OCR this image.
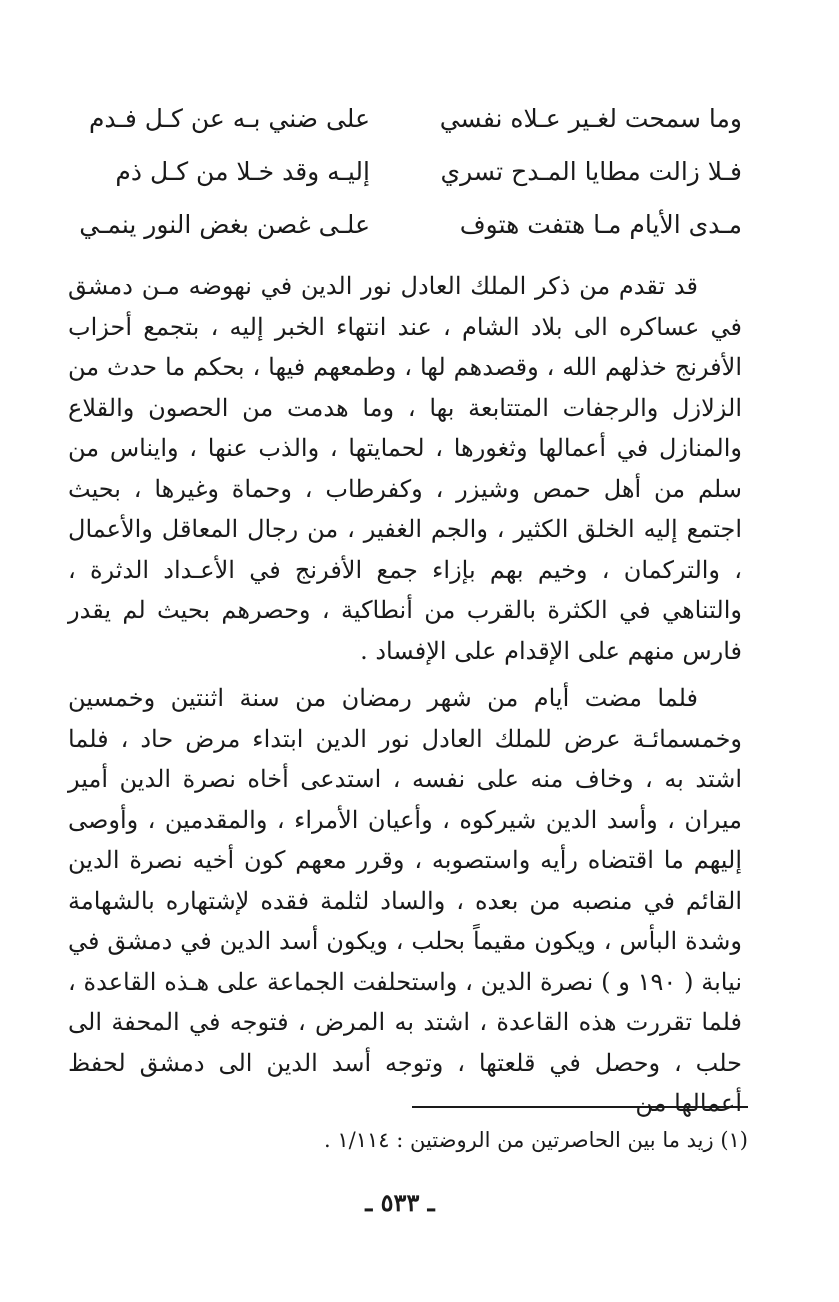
وما سمحت لغـير عـلاه نفسي
على ضني بـه عن كـل فـدم
فـلا زالت مطايا المـدح تسري
إليـه وقد خـلا من كـل ذم
مـدى الأيام مـا هتفت هتوف
علـى غصن بغض النور ينمـي

قد تقدم من ذكر الملك العادل نور الدين في نهوضه مـن دمشق في عساكره الى بلاد الشام ، عند انتهاء الخبر إليه ، بتجمع أحزاب الأفرنج خذلهم الله ، وقصدهم لها ، وطمعهم فيها ، بحكم ما حدث من الزلازل والرجفات المتتابعة بها ، وما هدمت من الحصون والقلاع والمنازل في أعمالها وثغورها ، لحمايتها ، والذب عنها ، وايناس من سلم من أهل حمص وشيزر ، وكفرطاب ، وحماة وغيرها ، بحيث اجتمع إليه الخلق الكثير ، والجم الغفير ، من رجال المعاقل والأعمال ، والتركمان ، وخيم بهم بإزاء جمع الأفرنج في الأعـداد الدثرة ، والتناهي في الكثرة بالقرب من أنطاكية ، وحصرهم بحيث لم يقدر فارس منهم على الإقدام على الإفساد .

فلما مضت أيام من شهر رمضان من سنة اثنتين وخمسين وخمسمائـة عرض للملك العادل نور الدين ابتداء مرض حاد ، فلما اشتد به ، وخاف منه على نفسه ، استدعى أخاه نصرة الدين أمير ميران ، وأسد الدين شيركوه ، وأعيان الأمراء ، والمقدمين ، وأوصى إليهم ما اقتضاه رأيه واستصوبه ، وقرر معهم كون أخيه نصرة الدين القائم في منصبه من بعده ، والساد لثلمة فقده لإشتهاره بالشهامة وشدة البأس ، ويكون مقيماً بحلب ، ويكون أسد الدين في دمشق في نيابة ( ١٩٠ و ) نصرة الدين ، واستحلفت الجماعة على هـذه القاعدة ، فلما تقررت هذه القاعدة ، اشتد به المرض ، فتوجه في المحفة الى حلب ، وحصل في قلعتها ، وتوجه أسد الدين الى دمشق لحفظ أعمالها من

(١) زيد ما بين الحاصرتين من الروضتين : ١/١١٤ .
ـ ٥٣٣ ـ
